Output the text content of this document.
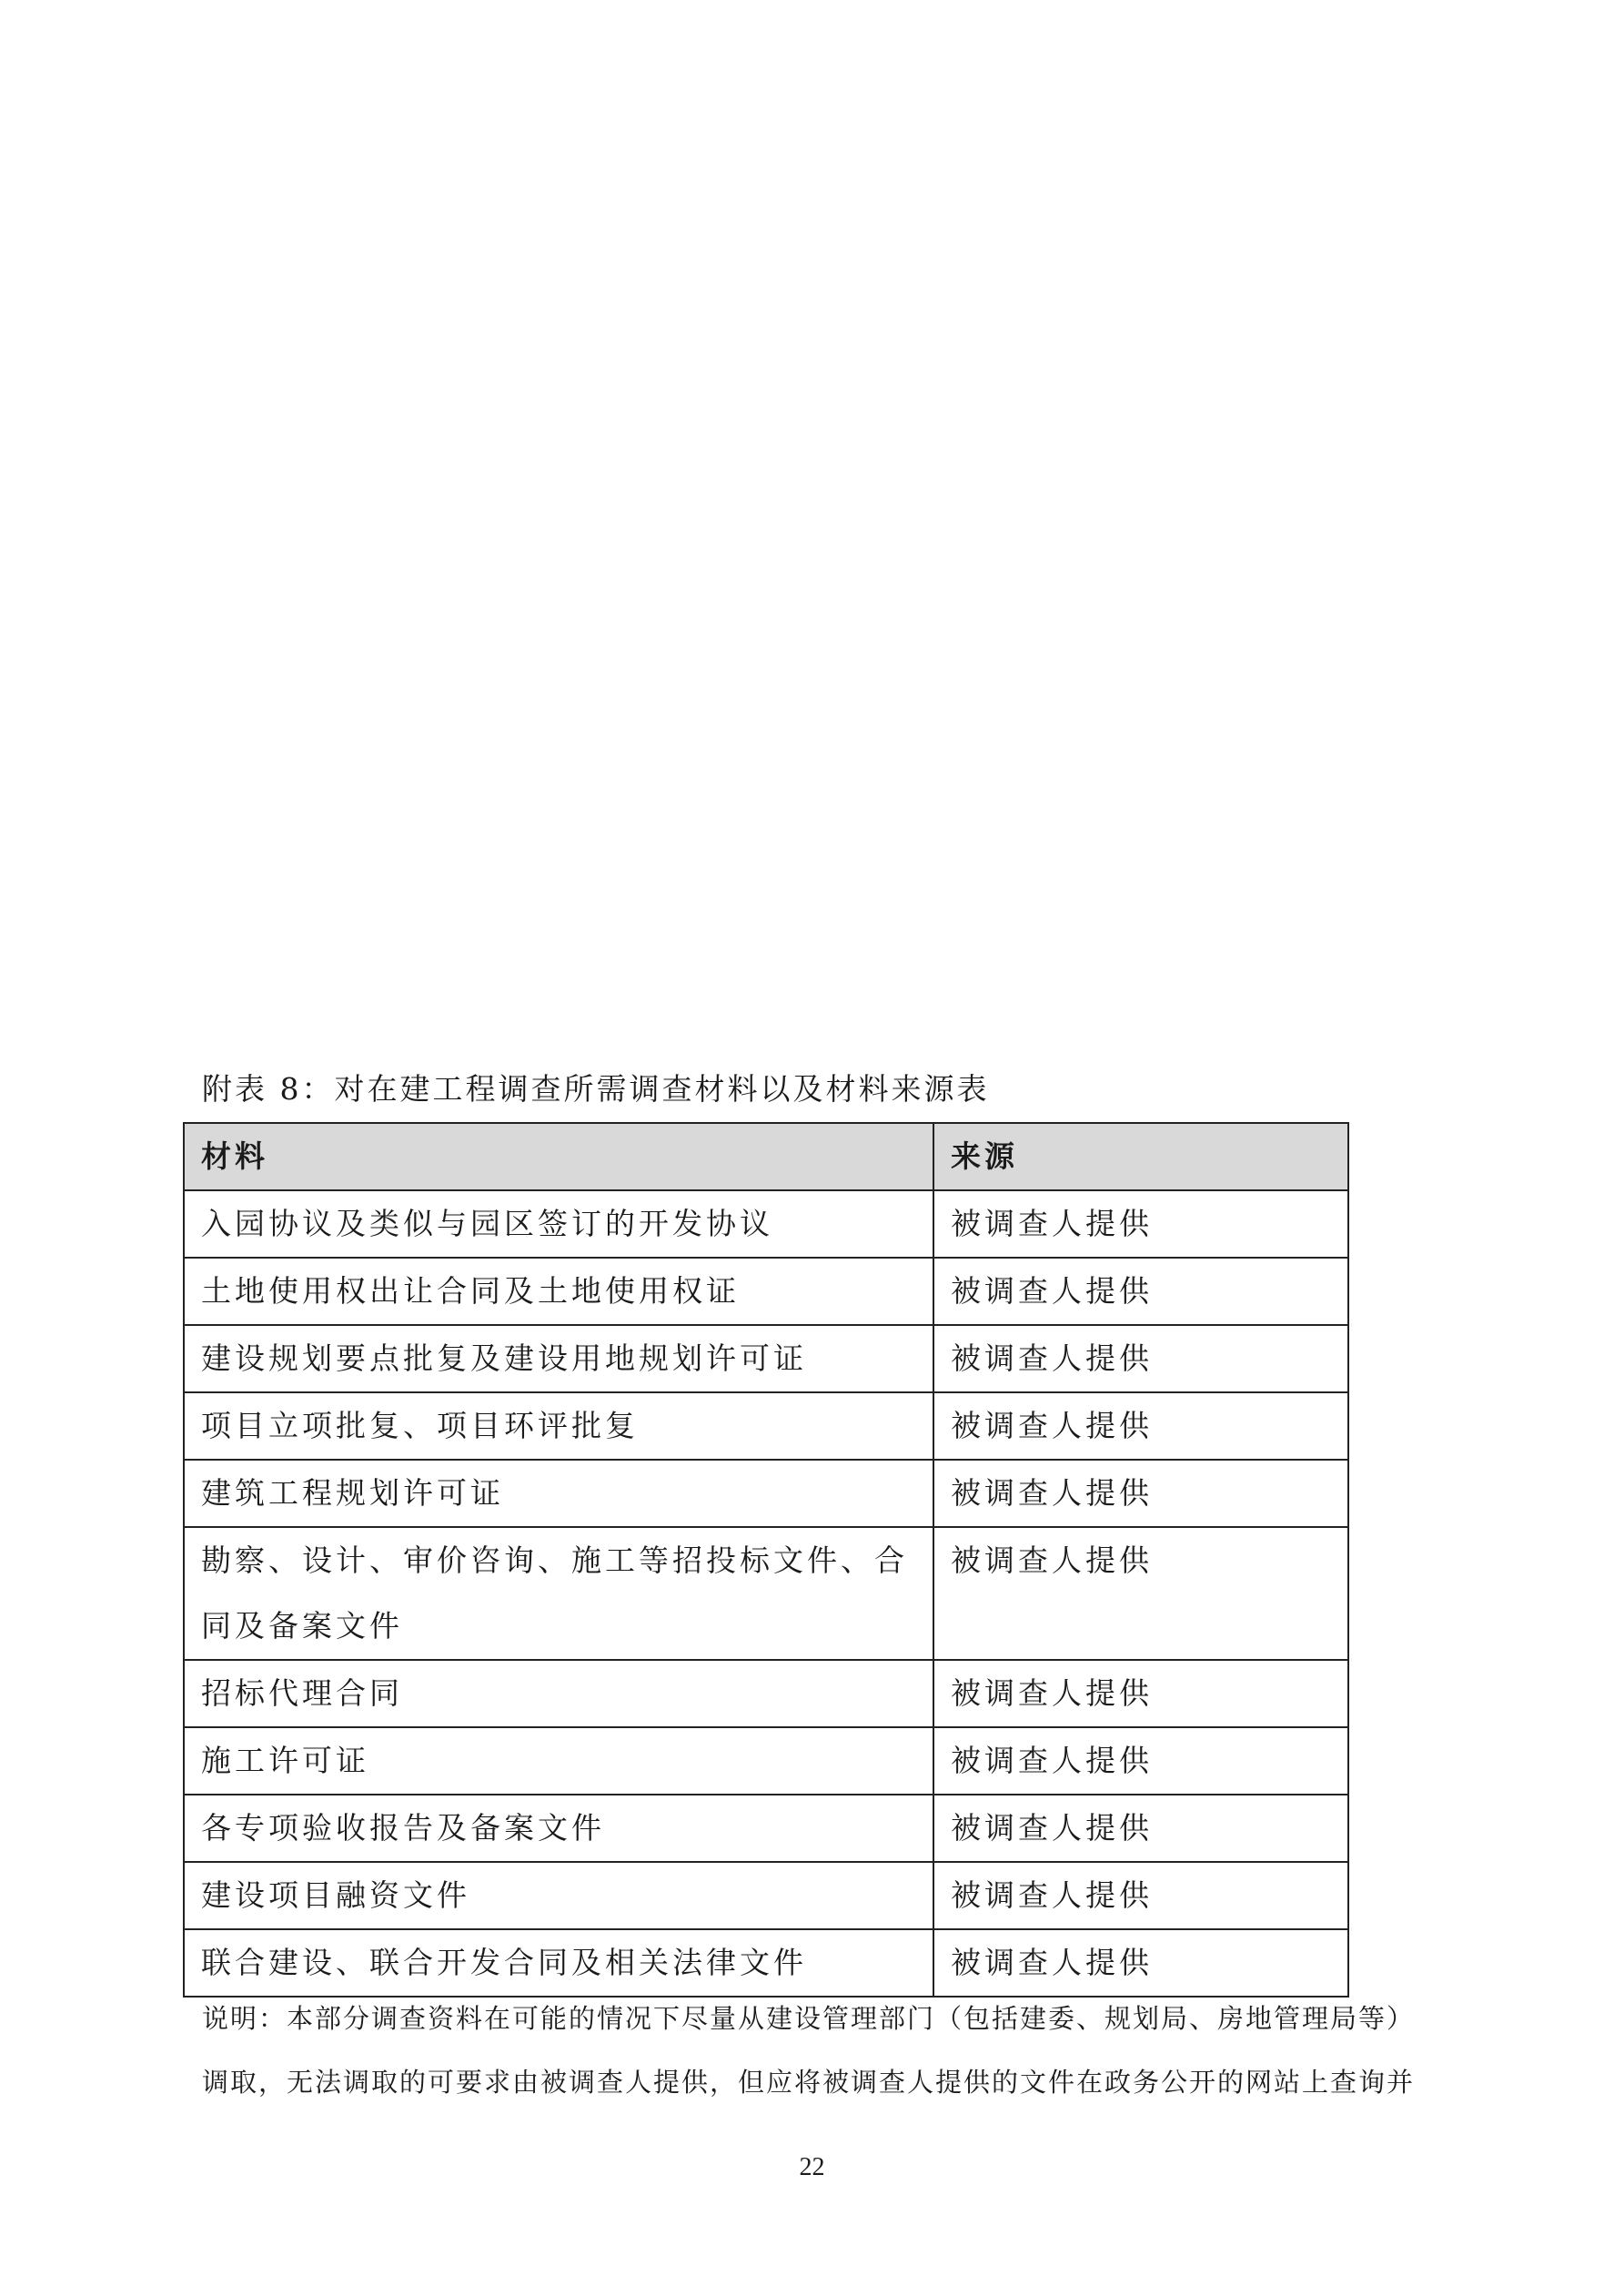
附表 8：对在建工程调查所需调查材料以及材料来源表
材料	来源
入园协议及类似与园区签订的开发协议	被调查人提供
土地使用权出让合同及土地使用权证	被调查人提供
建设规划要点批复及建设用地规划许可证	被调查人提供
项目立项批复、项目环评批复	被调查人提供
建筑工程规划许可证	被调查人提供
勘察、设计、审价咨询、施工等招投标文件、合同及备案文件	被调查人提供
招标代理合同	被调查人提供
施工许可证	被调查人提供
各专项验收报告及备案文件	被调查人提供
建设项目融资文件	被调查人提供
联合建设、联合开发合同及相关法律文件	被调查人提供
说明：本部分调查资料在可能的情况下尽量从建设管理部门（包括建委、规划局、房地管理局等）
调取，无法调取的可要求由被调查人提供，但应将被调查人提供的文件在政务公开的网站上查询并
22
